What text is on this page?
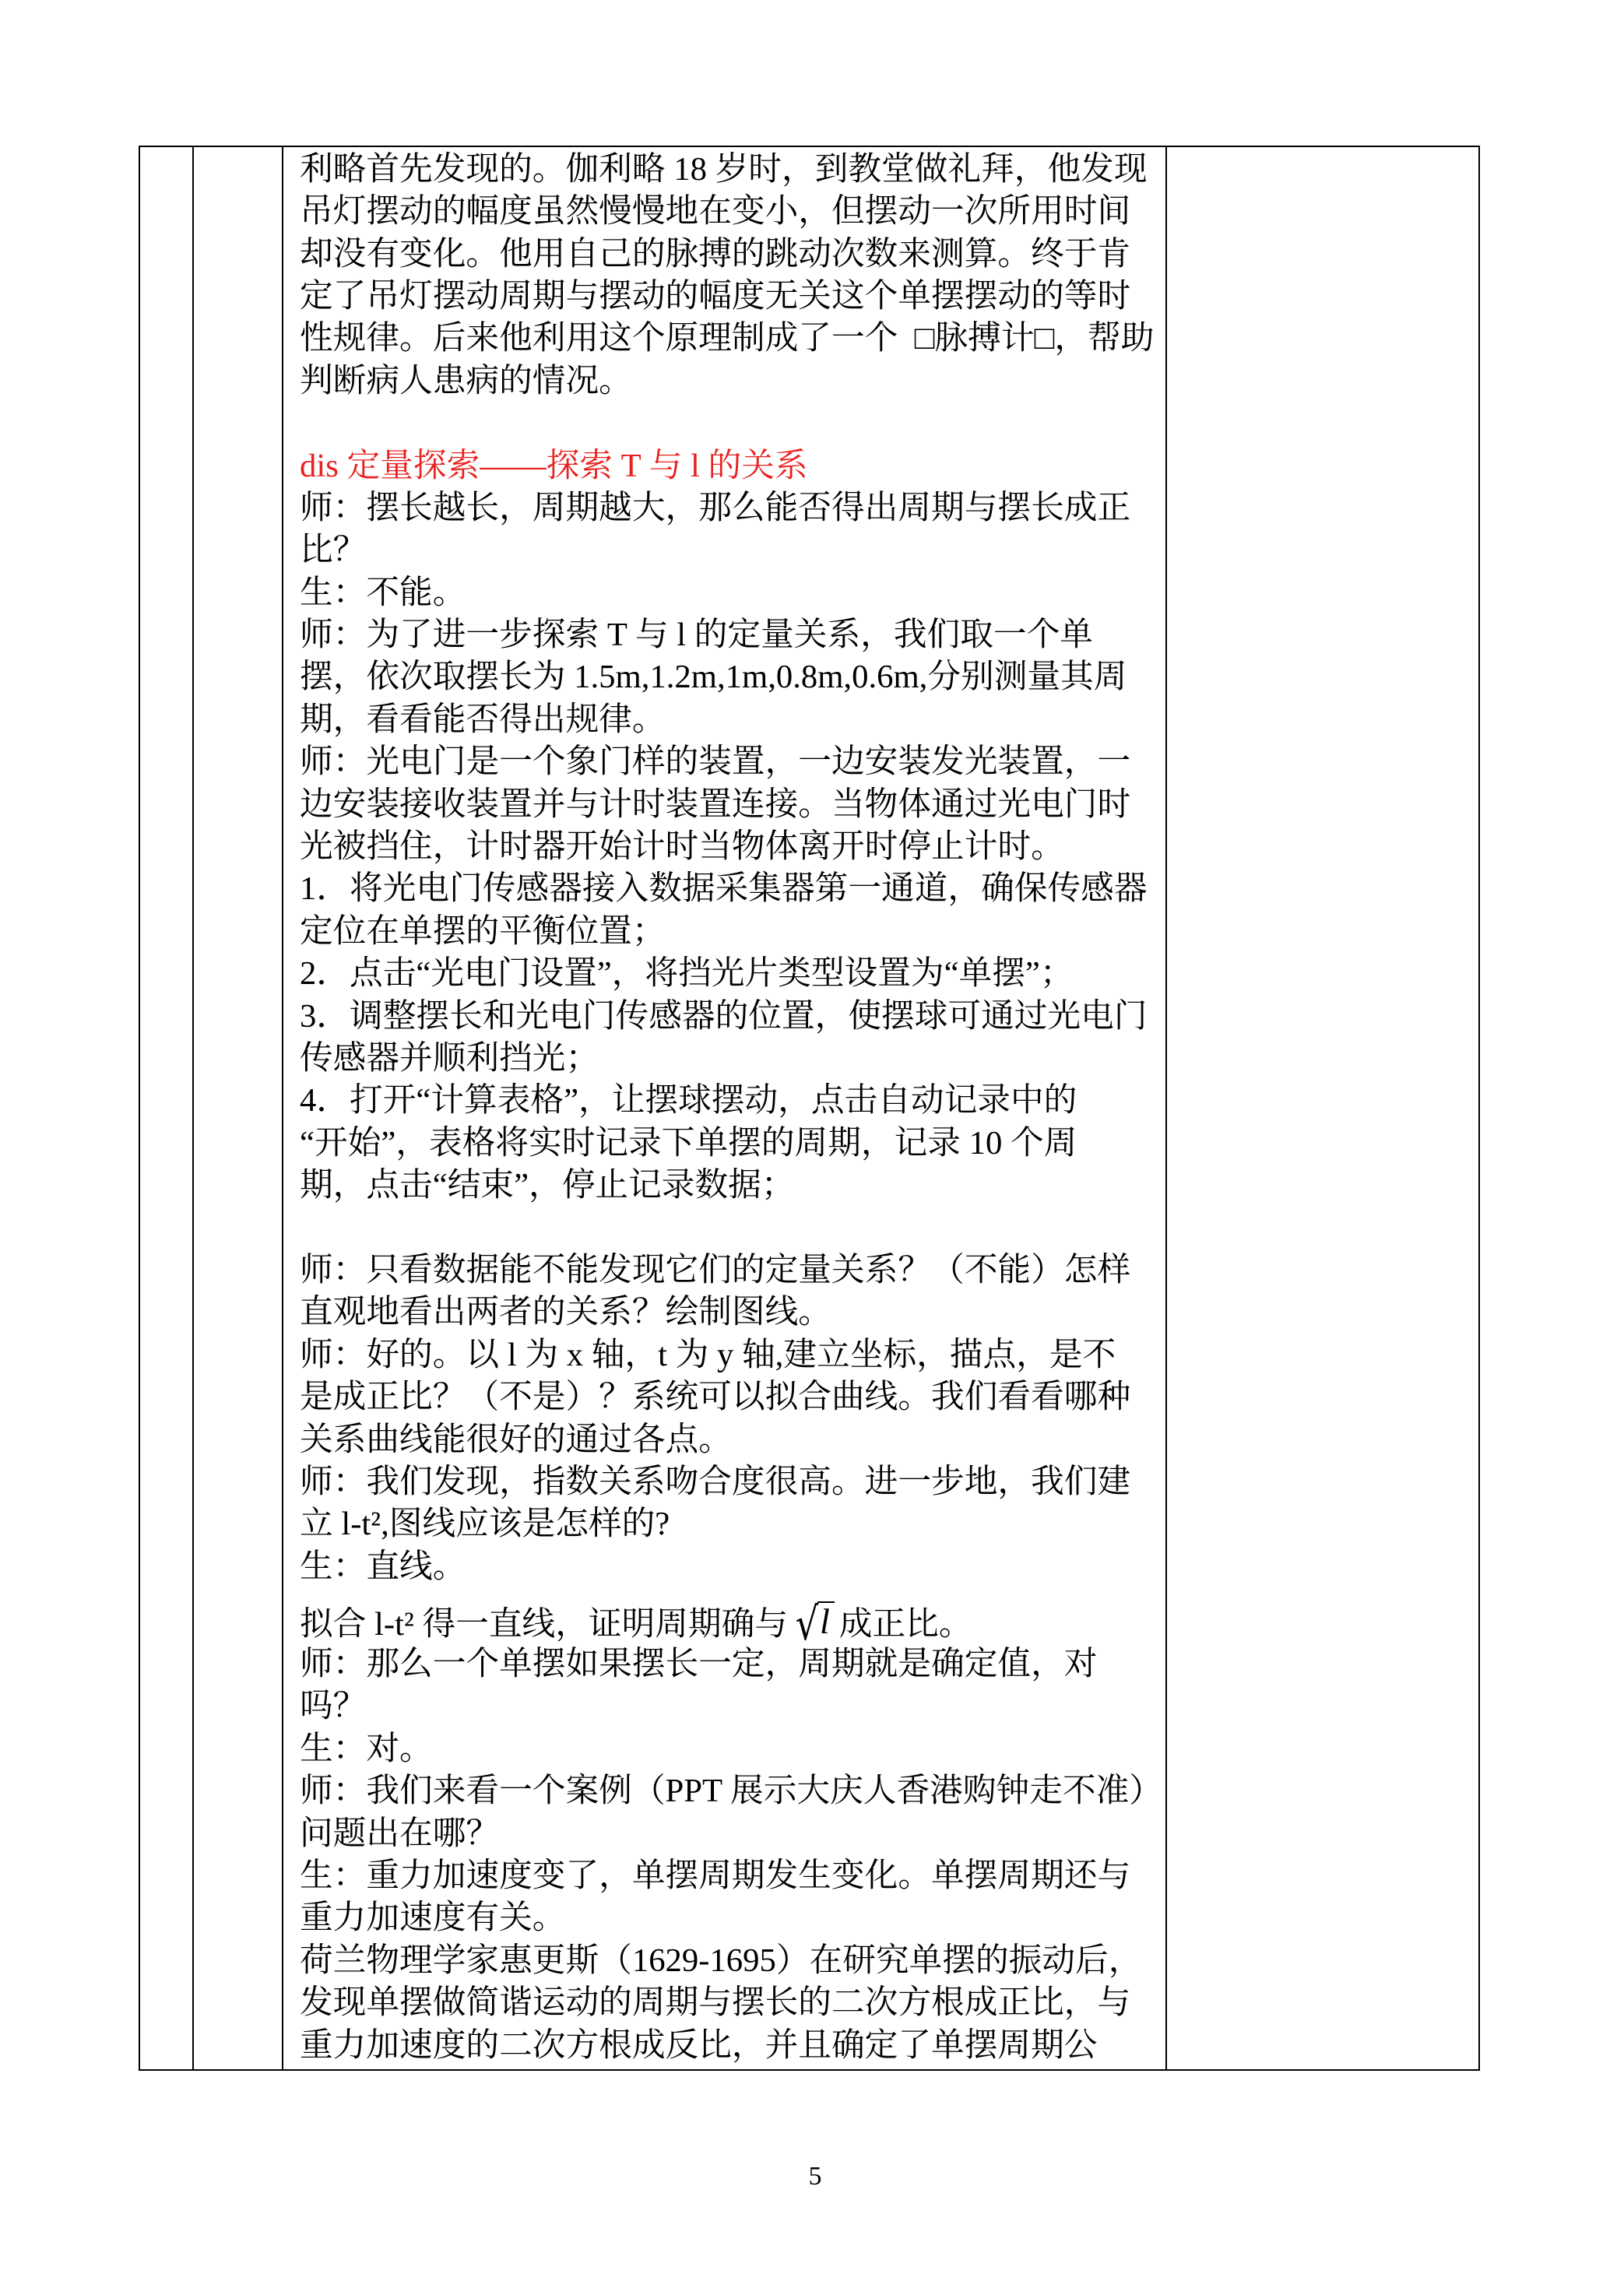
利略首先发现的。伽利略 18 岁时，到教堂做礼拜，他发现
吊灯摆动的幅度虽然慢慢地在变小，但摆动一次所用时间
却没有变化。他用自己的脉搏的跳动次数来测算。终于肯
定了吊灯摆动周期与摆动的幅度无关这个单摆摆动的等时
性规律。后来他利用这个原理制成了一个  □脉搏计□，帮助
判断病人患病的情况。
dis 定量探索——探索 T 与 l 的关系
师：摆长越长，周期越大，那么能否得出周期与摆长成正
比？
生：不能。
师：为了进一步探索 T 与 l 的定量关系，我们取一个单
摆，依次取摆长为 1.5m,1.2m,1m,0.8m,0.6m,分别测量其周
期，看看能否得出规律。
师：光电门是一个象门样的装置，一边安装发光装置，一
边安装接收装置并与计时装置连接。当物体通过光电门时
光被挡住，计时器开始计时当物体离开时停止计时。
1．将光电门传感器接入数据采集器第一通道，确保传感器
定位在单摆的平衡位置；
2．点击“光电门设置”，将挡光片类型设置为“单摆”；
3．调整摆长和光电门传感器的位置，使摆球可通过光电门
传感器并顺利挡光；
4．打开“计算表格”，让摆球摆动，点击自动记录中的
“开始”，表格将实时记录下单摆的周期，记录 10 个周
期，点击“结束”，停止记录数据；
师：只看数据能不能发现它们的定量关系？（不能）怎样
直观地看出两者的关系？绘制图线。
师：好的。以 l 为 x 轴，t 为 y 轴,建立坐标，描点，是不
是成正比？（不是）？系统可以拟合曲线。我们看看哪种
关系曲线能很好的通过各点。
师：我们发现，指数关系吻合度很高。进一步地，我们建
立 l-t²,图线应该是怎样的?
生：直线。
拟合 l-t² 得一直线，证明周期确与 √l 成正比。
师：那么一个单摆如果摆长一定，周期就是确定值，对
吗？
生：对。
师：我们来看一个案例（PPT 展示大庆人香港购钟走不准）
问题出在哪？
生：重力加速度变了，单摆周期发生变化。单摆周期还与
重力加速度有关。
荷兰物理学家惠更斯（1629-1695）在研究单摆的振动后，
发现单摆做简谐运动的周期与摆长的二次方根成正比，与
重力加速度的二次方根成反比，并且确定了单摆周期公
5
